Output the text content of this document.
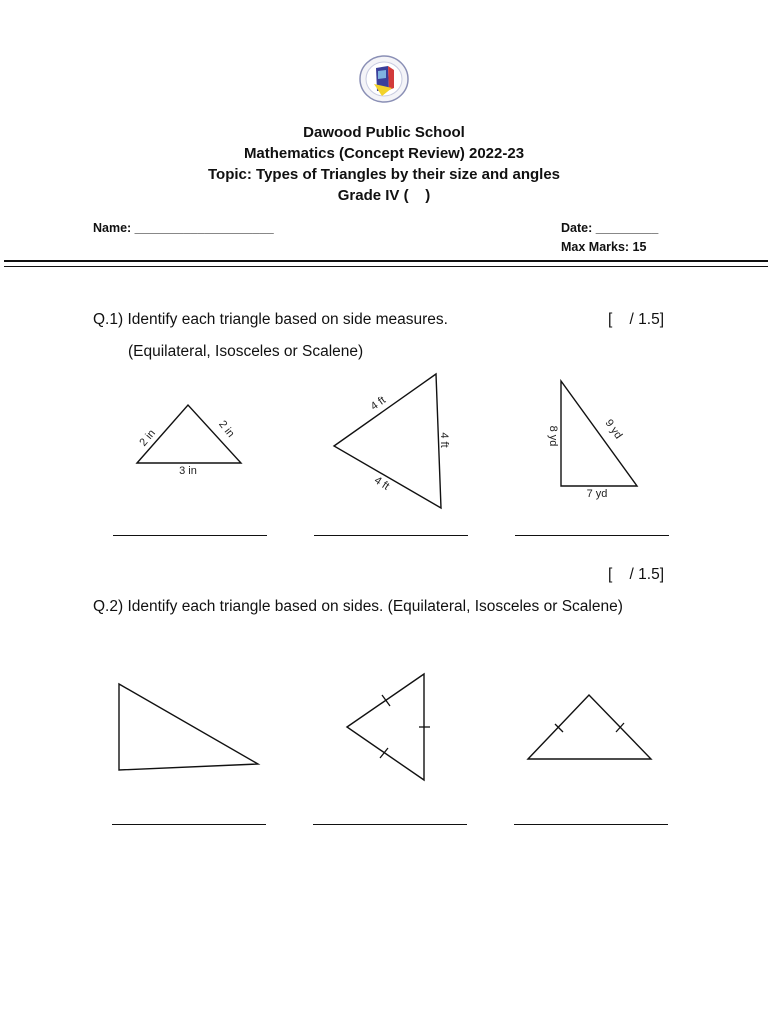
Dawood Public School
Mathematics (Concept Review) 2022-23
Topic: Types of Triangles by their size and angles
Grade IV (    )
Name: ____________________	Date: _________
Max Marks: 15
Q.1) Identify each triangle based on side measures.	[    / 1.5]
(Equilateral, Isosceles or Scalene)
2 in	2 in
3 in
4 ft
4 ft
4 ft
8 yd	9 yd
7 yd
[    / 1.5]
Q.2) Identify each triangle based on sides. (Equilateral, Isosceles or Scalene)
